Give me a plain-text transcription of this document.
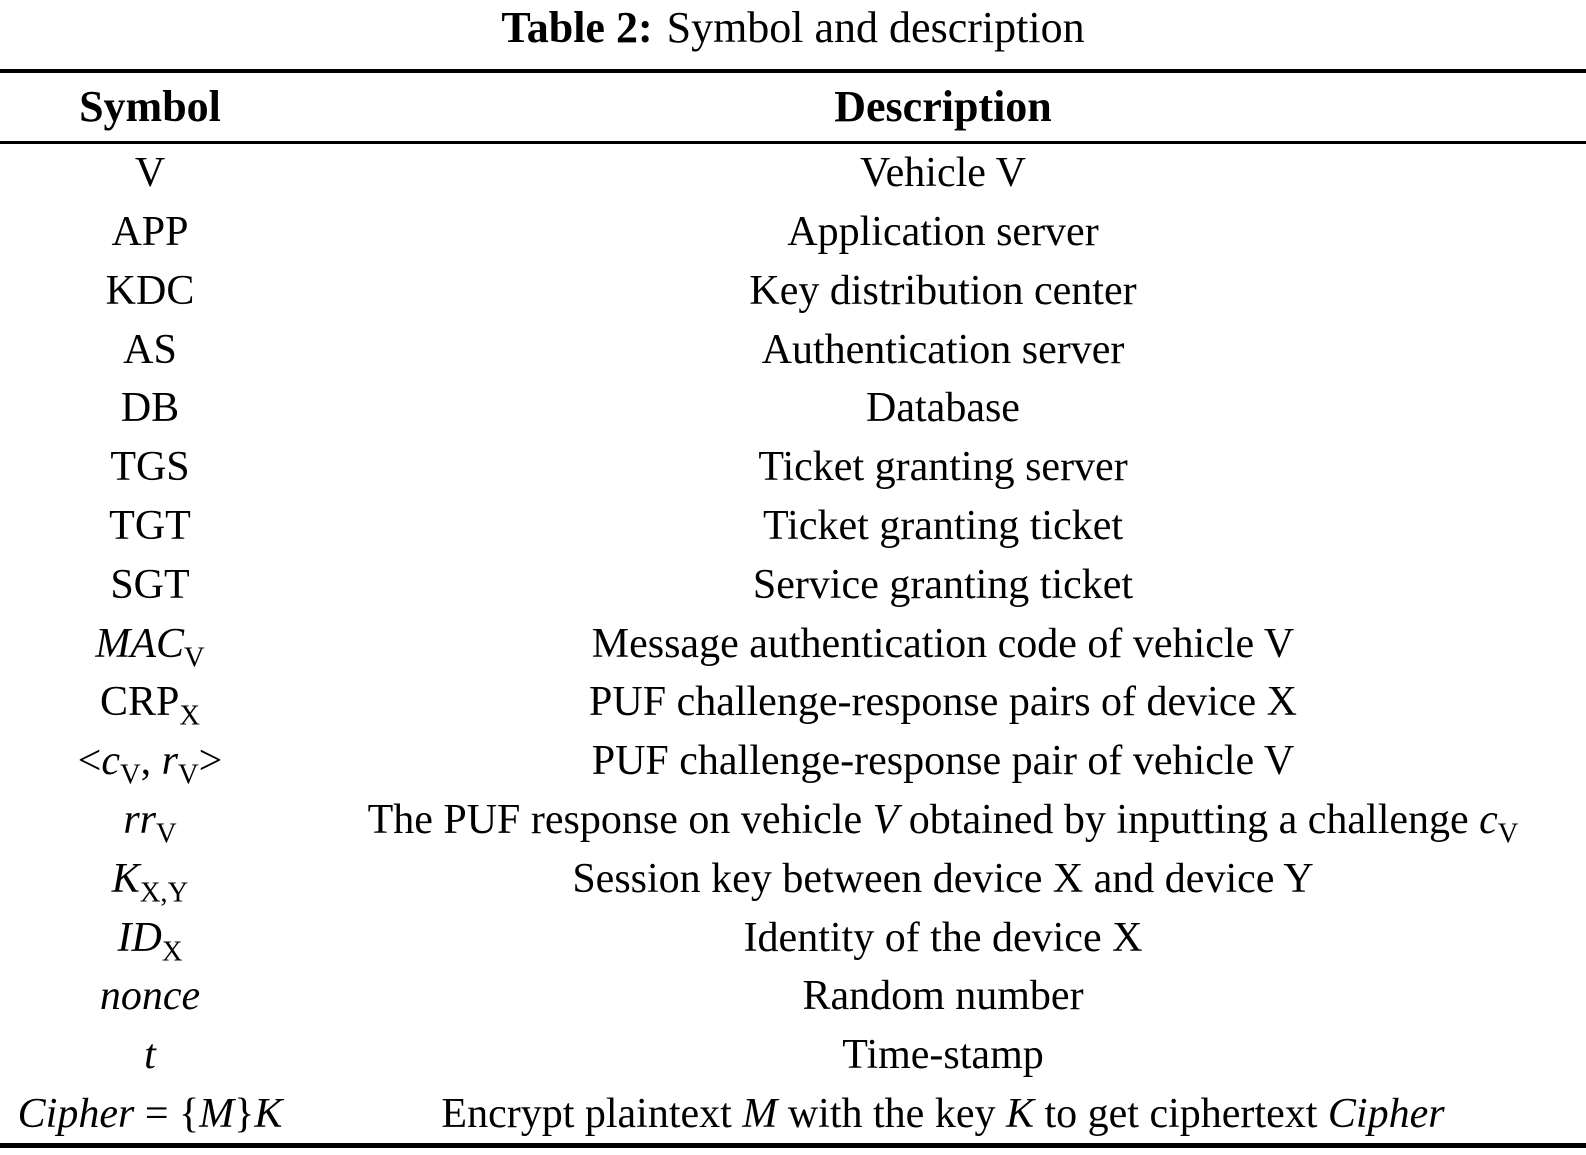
Table 2: Symbol and description
Symbol	Description
V	Vehicle V
APP	Application server
KDC	Key distribution center
AS	Authentication server
DB	Database
TGS	Ticket granting server
TGT	Ticket granting ticket
SGT	Service granting ticket
$MAC_V$	Message authentication code of vehicle V
$CRP_X$	PUF challenge-response pairs of device X
$<c_V$, $r_V>$	PUF challenge-response pair of vehicle V
$rr_V$	The PUF response on vehicle V obtained by inputting a challenge $c_V$
$K_{X,Y}$	Session key between device X and device Y
$ID_X$	Identity of the device X
nonce	Random number
t	Time-stamp
Cipher = {M}K	Encrypt plaintext M with the key K to get ciphertext Cipher
